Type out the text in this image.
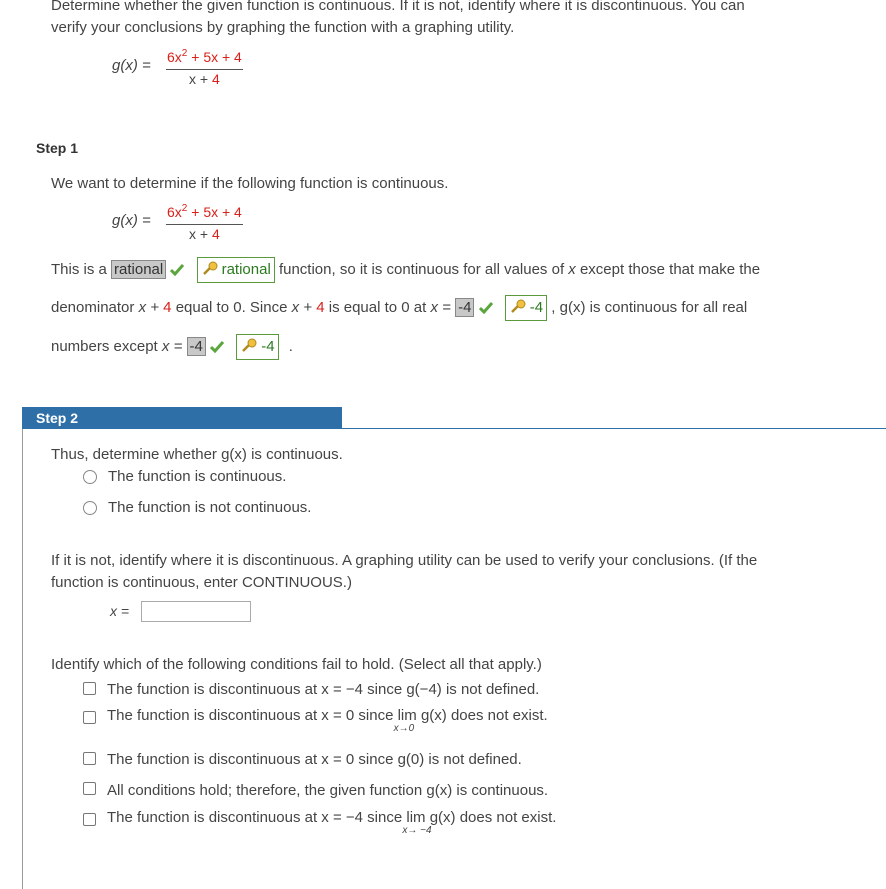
Determine whether the given function is continuous. If it is not, identify where it is discontinuous. You can
verify your conclusions by graphing the function with a graphing utility.
$g(x) = \frac{6x^2 + 5x + 4}{x + 4}$
Step 1
We want to determine if the following function is continuous.
$g(x) = \frac{6x^2 + 5x + 4}{x + 4}$
This is a rational	rational function, so it is continuous for all values of x except those that make the
denominator x + 4 equal to 0. Since x + 4 is equal to 0 at x = -4	-4 , g(x) is continuous for all real
numbers except x = -4	-4 .
Step 2
Thus, determine whether g(x) is continuous.
The function is continuous.
The function is not continuous.
If it is not, identify where it is discontinuous. A graphing utility can be used to verify your conclusions. (If the
function is continuous, enter CONTINUOUS.)
x =
Identify which of the following conditions fail to hold. (Select all that apply.)
The function is discontinuous at x = −4 since g(−4) is not defined.
The function is discontinuous at x = 0 since lim
x→0
g(x) does not exist.
The function is discontinuous at x = 0 since g(0) is not defined.
All conditions hold; therefore, the given function g(x) is continuous.
The function is discontinuous at x = −4 since lim
x→ −4
g(x) does not exist.
